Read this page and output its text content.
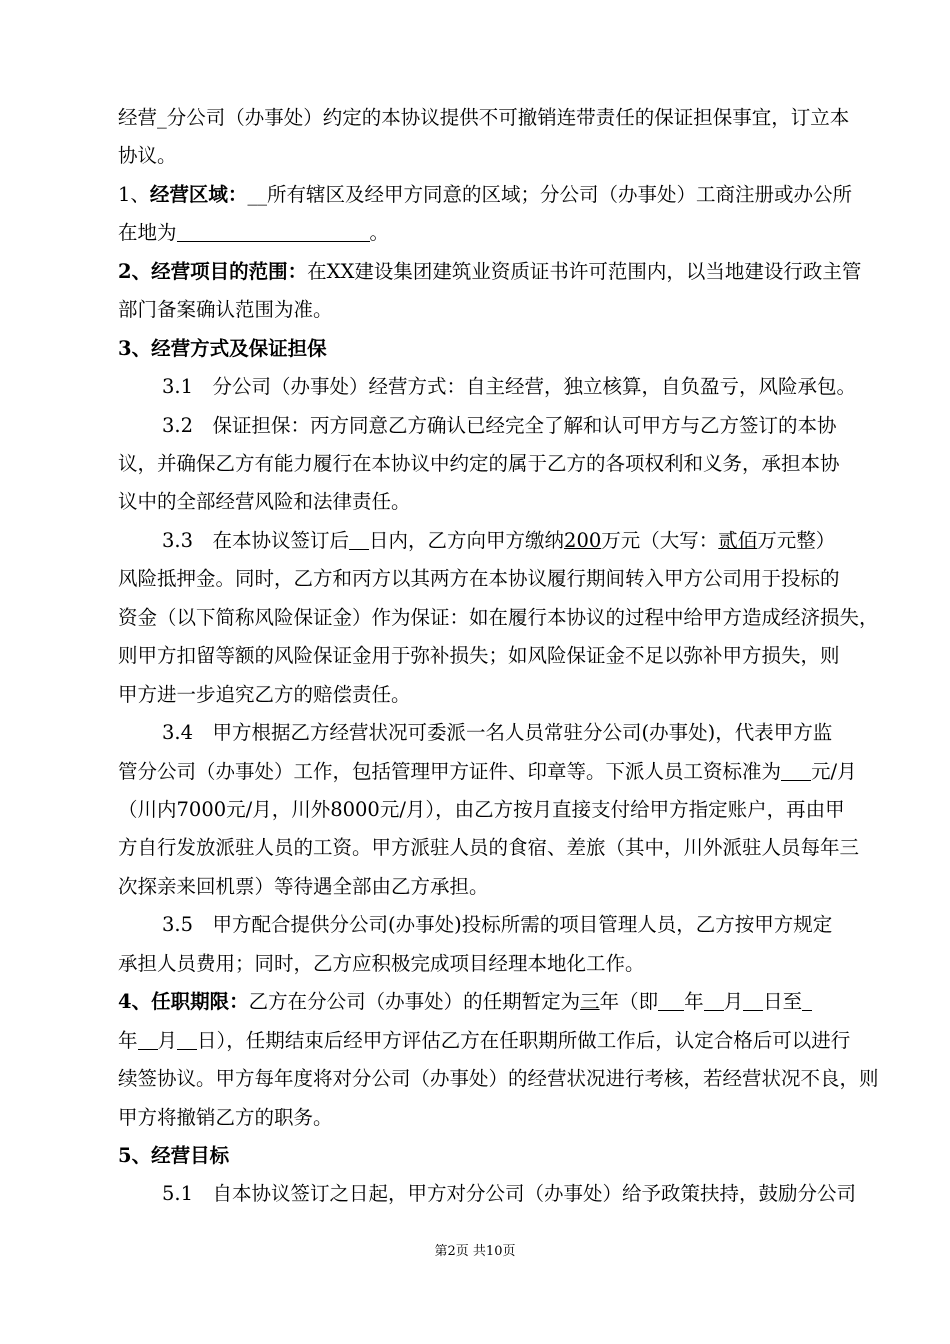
经营_分公司（办事处）约定的本协议提供不可撤销连带责任的保证担保事宜，订立本
协议。
1、经营区域：__所有辖区及经甲方同意的区域；分公司（办事处）工商注册或办公所
在地为	。
2、经营项目的范围：在XX建设集团建筑业资质证书许可范围内，以当地建设行政主管
部门备案确认范围为准。
3、经营方式及保证担保
3.1　分公司（办事处）经营方式：自主经营，独立核算，自负盈亏，风险承包。
3.2　保证担保：丙方同意乙方确认已经完全了解和认可甲方与乙方签订的本协
议，并确保乙方有能力履行在本协议中约定的属于乙方的各项权利和义务，承担本协
议中的全部经营风险和法律责任。
3.3　在本协议签订后 日内，乙方向甲方缴纳200万元（大写：贰佰万元整）
风险抵押金。同时，乙方和丙方以其两方在本协议履行期间转入甲方公司用于投标的
资金（以下简称风险保证金）作为保证：如在履行本协议的过程中给甲方造成经济损失，
则甲方扣留等额的风险保证金用于弥补损失；如风险保证金不足以弥补甲方损失，则
甲方进一步追究乙方的赔偿责任。
3.4　甲方根据乙方经营状况可委派一名人员常驻分公司(办事处)，代表甲方监
管分公司（办事处）工作，包括管理甲方证件、印章等。下派人员工资标准为 元/月
（川内7000元/月，川外8000元/月），由乙方按月直接支付给甲方指定账户，再由甲
方自行发放派驻人员的工资。甲方派驻人员的食宿、差旅（其中，川外派驻人员每年三
次探亲来回机票）等待遇全部由乙方承担。
3.5　甲方配合提供分公司(办事处)投标所需的项目管理人员，乙方按甲方规定
承担人员费用；同时，乙方应积极完成项目经理本地化工作。
4、任职期限：乙方在分公司（办事处）的任期暂定为三年（即 年 月 日至
年 月 日），任期结束后经甲方评估乙方在任职期所做工作后，认定合格后可以进行
续签协议。甲方每年度将对分公司（办事处）的经营状况进行考核，若经营状况不良，则
甲方将撤销乙方的职务。
5、经营目标
第2页 共10页
5.1　自本协议签订之日起，甲方对分公司（办事处）给予政策扶持，鼓励分公司
